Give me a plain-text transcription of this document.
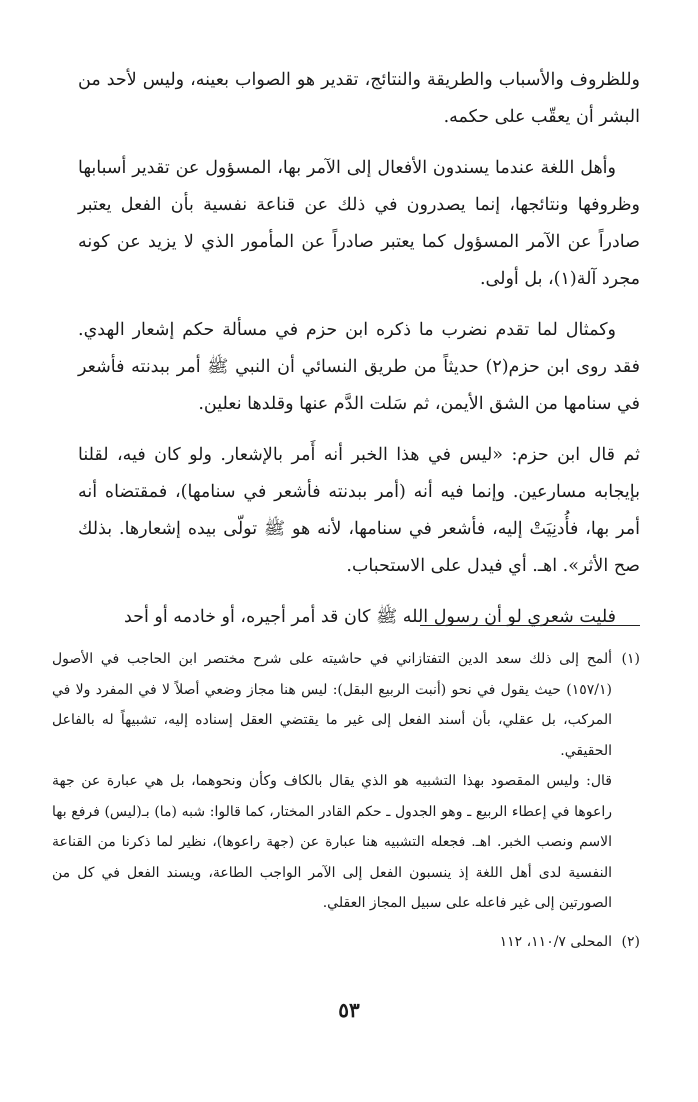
وللظروف والأسباب والطريقة والنتائج، تقدير هو الصواب بعينه، وليس لأحد من البشر أن يعقّب على حكمه.

وأهل اللغة عندما يسندون الأفعال إلى الآمر بها، المسؤول عن تقدير أسبابها وظروفها ونتائجها، إنما يصدرون في ذلك عن قناعة نفسية بأن الفعل يعتبر صادراً عن الآمر المسؤول كما يعتبر صادراً عن المأمور الذي لا يزيد عن كونه مجرد آلة(١)، بل أولى.

وكمثال لما تقدم نضرب ما ذكره ابن حزم في مسألة حكم إشعار الهدي. فقد روى ابن حزم(٢) حديثاً من طريق النسائي أن النبي ﷺ أمر ببدنته فأشعر في سنامها من الشق الأيمن، ثم سَلت الدَّم عنها وقلدها نعلين.

ثم قال ابن حزم: «ليس في هذا الخبر أنه أَمر بالإشعار. ولو كان فيه، لقلنا بإيجابه مسارعين. وإنما فيه أنه (أمر ببدنته فأشعر في سنامها)، فمقتضاه أنه أمر بها، فأُدنِيَتْ إليه، فأشعر في سنامها، لأنه هو ﷺ تولّى بيده إشعارها. بذلك صح الأثر». اهـ. أي فيدل على الاستحباب.

فليت شعري لو أن رسول الله ﷺ كان قد أمر أجيره، أو خادمه أو أحد

(١)

ألمح إلى ذلك سعد الدين التفتازاني في حاشيته على شرح مختصر ابن الحاجب في الأصول (١٥٧/١) حيث يقول في نحو (أنبت الربيع البقل): ليس هنا مجاز وضعي أصلاً لا في المفرد ولا في المركب، بل عقلي، بأن أسند الفعل إلى غير ما يقتضي العقل إسناده إليه، تشبيهاً له بالفاعل الحقيقي.

قال: وليس المقصود بهذا التشبيه هو الذي يقال بالكاف وكأن ونحوهما، بل هي عبارة عن جهة راعوها في إعطاء الربيع ـ وهو الجدول ـ حكم القادر المختار، كما قالوا: شبه (ما) بـ(ليس) فرفع بها الاسم ونصب الخبر. اهـ. فجعله التشبيه هنا عبارة عن (جهة راعوها)، نظير لما ذكرنا من القناعة النفسية لدى أهل اللغة إذ ينسبون الفعل إلى الآمر الواجب الطاعة، ويسند الفعل في كل من الصورتين إلى غير فاعله على سبيل المجاز العقلي.

(٢)

المحلى ١١٠/٧، ١١٢

٥٣
